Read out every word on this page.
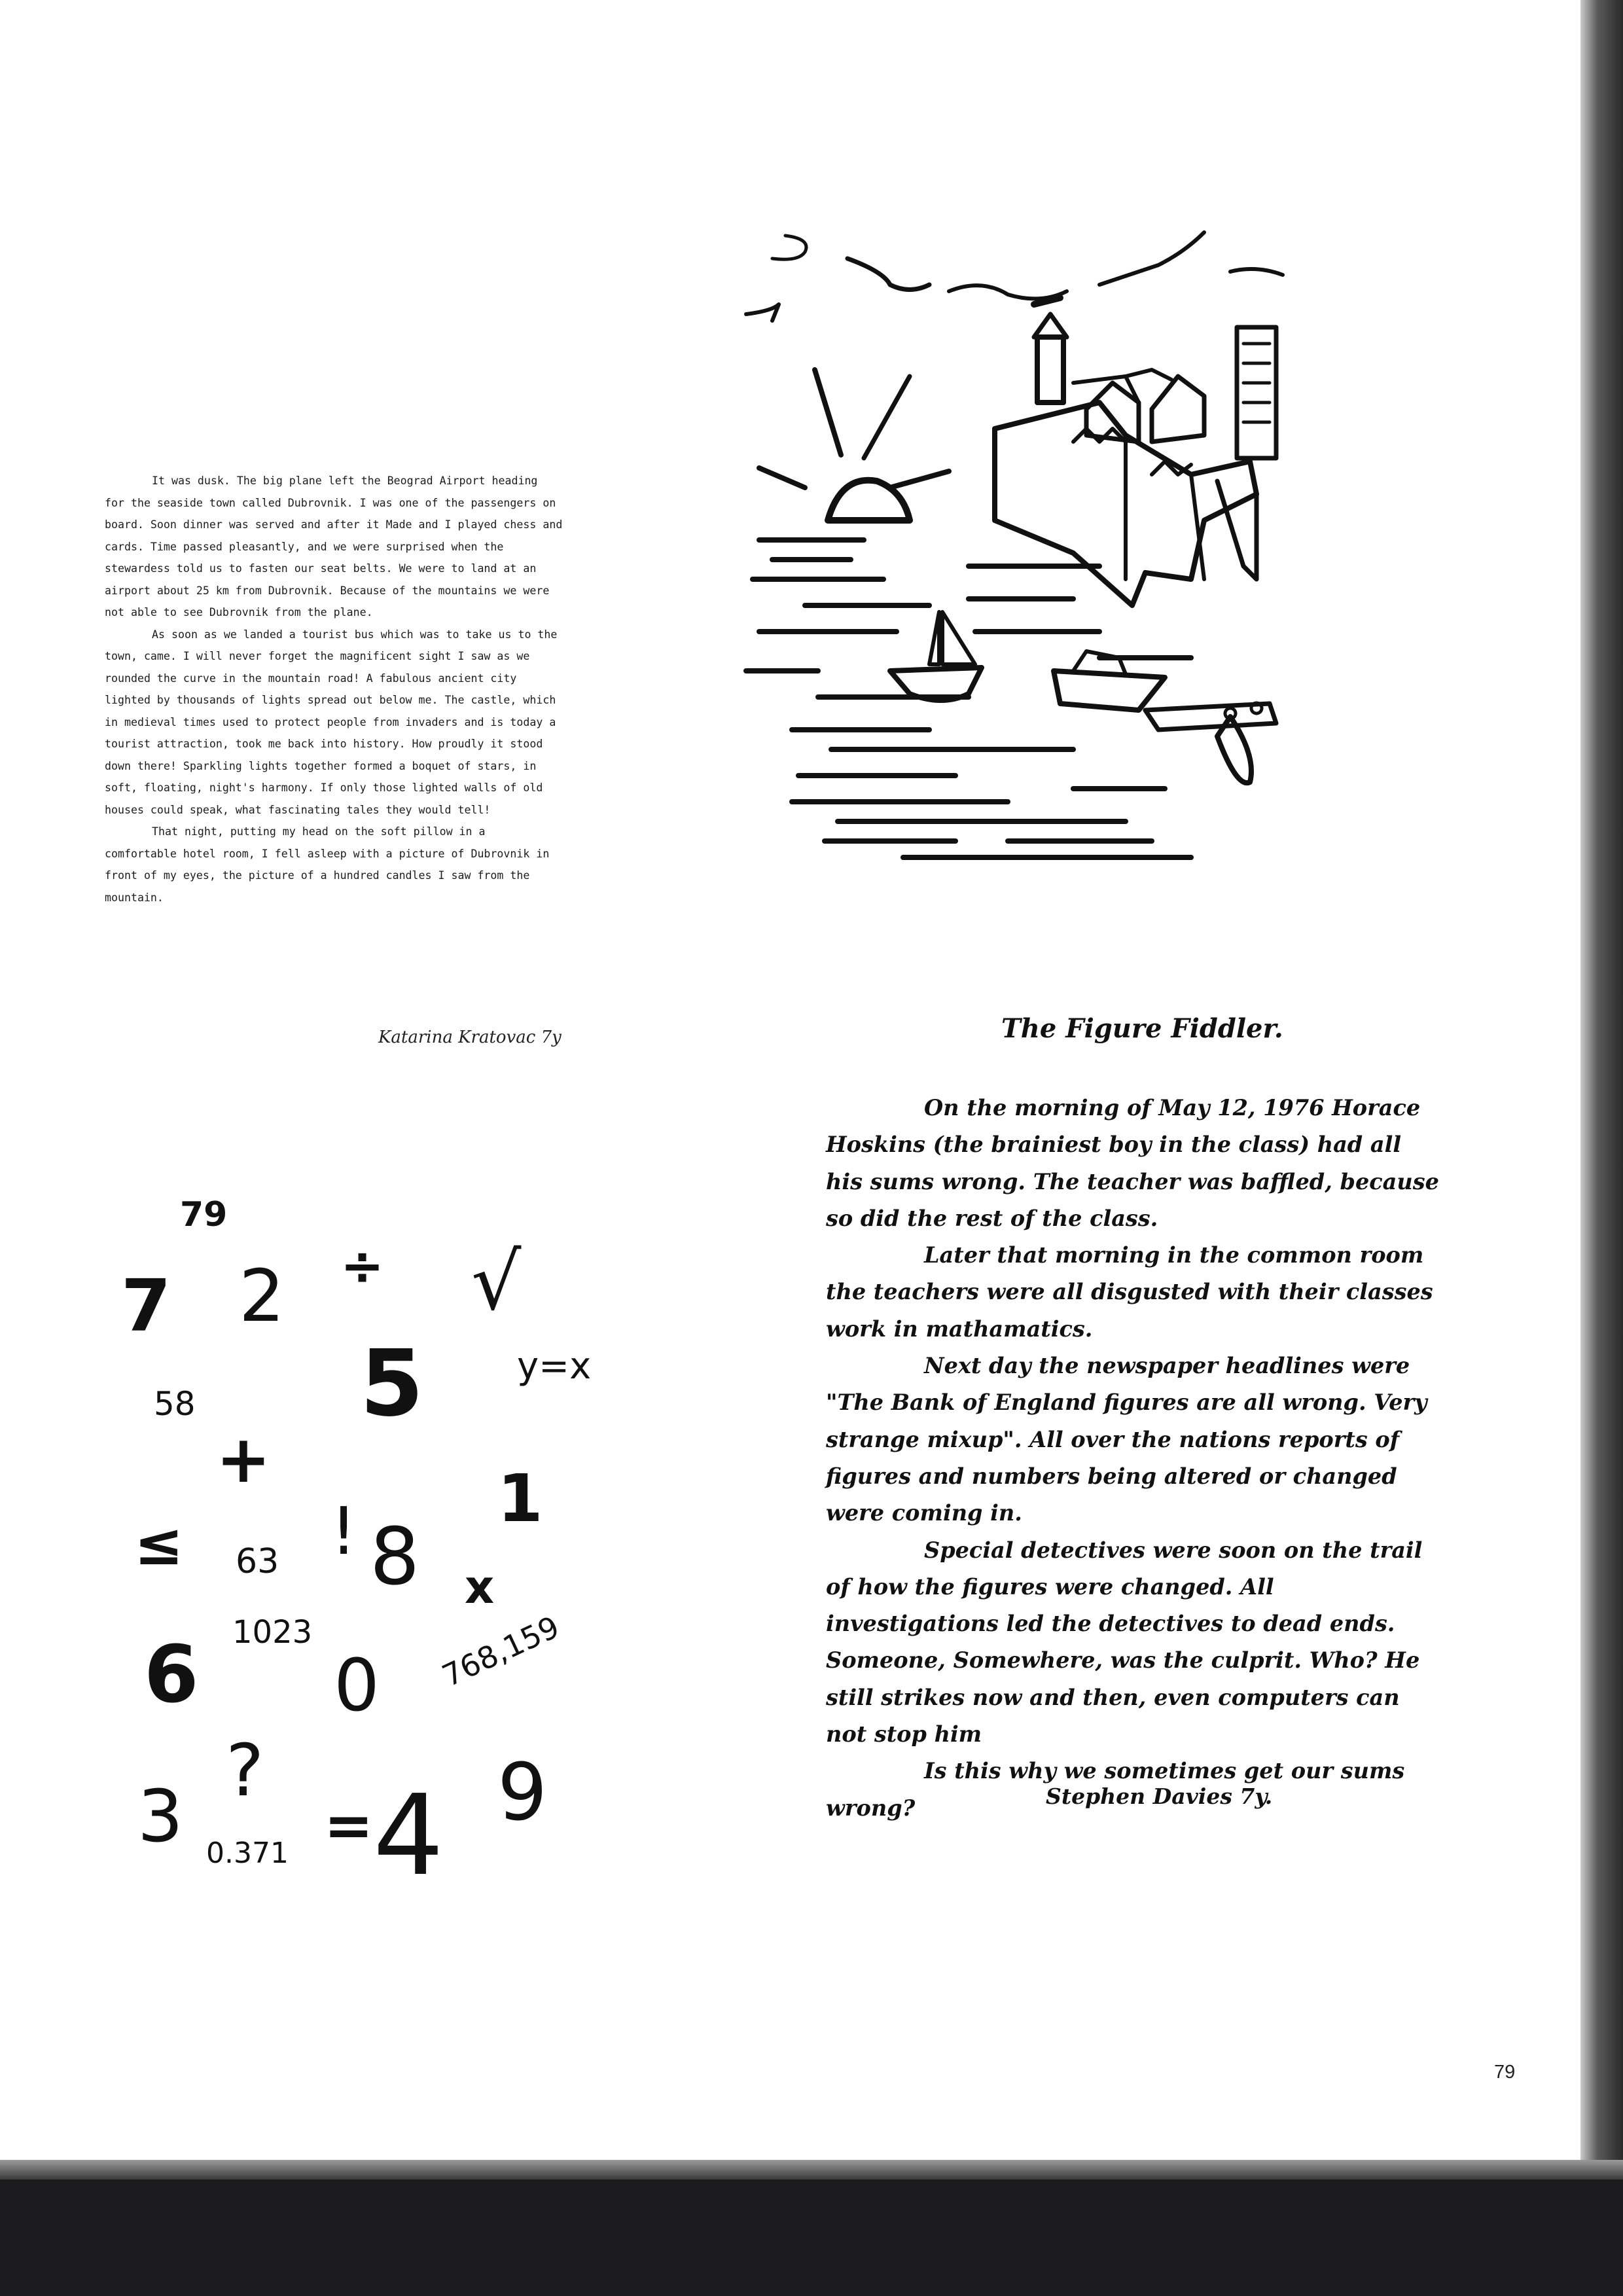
It was dusk. The big plane left the Beograd Airport heading for the seaside town called Dubrovnik. I was one of the passengers on board. Soon dinner was served and after it Made and I played chess and cards. Time passed pleasantly, and we were surprised when the stewardess told us to fasten our seat belts. We were to land at an airport about 25 km from Dubrovnik. Because of the mountains we were not able to see Dubrovnik from the plane.

As soon as we landed a tourist bus which was to take us to the town, came. I will never forget the magnificent sight I saw as we rounded the curve in the mountain road! A fabulous ancient city lighted by thousands of lights spread out below me. The castle, which in medieval times used to protect people from invaders and is today a tourist attraction, took me back into history. How proudly it stood down there! Sparkling lights together formed a boquet of stars, in soft, floating, night's harmony. If only those lighted walls of old houses could speak, what fascinating tales they would tell!

That night, putting my head on the soft pillow in a comfortable hotel room, I fell asleep with a picture of Dubrovnik in front of my eyes, the picture of a hundred candles I saw from the mountain.

Katarina Kratovac 7y	The Figure Fiddler.

On the morning of May 12, 1976 Horace Hoskins (the brainiest boy in the class) had all his sums wrong. The teacher was baffled, because so did the rest of the class.

Later that morning in the common room the teachers were all disgusted with their classes work in mathamatics.

Next day the newspaper headlines were "The Bank of England figures are all wrong. Very strange mixup". All over the nations reports of figures and numbers being altered or changed were coming in.

Special detectives were soon on the trail of how the figures were changed. All investigations led the detectives to dead ends. Someone, Somewhere, was the culprit. Who? He still strikes now and then, even computers can not stop him

Is this why we sometimes get our sums wrong?	Stephen Davies 7y.
79
7 2 ÷ √
y=x
58 5
+
1
≤ 63 ! 8 x
6 1023
0 768,159
?
3	9
= 4
0.371
79
